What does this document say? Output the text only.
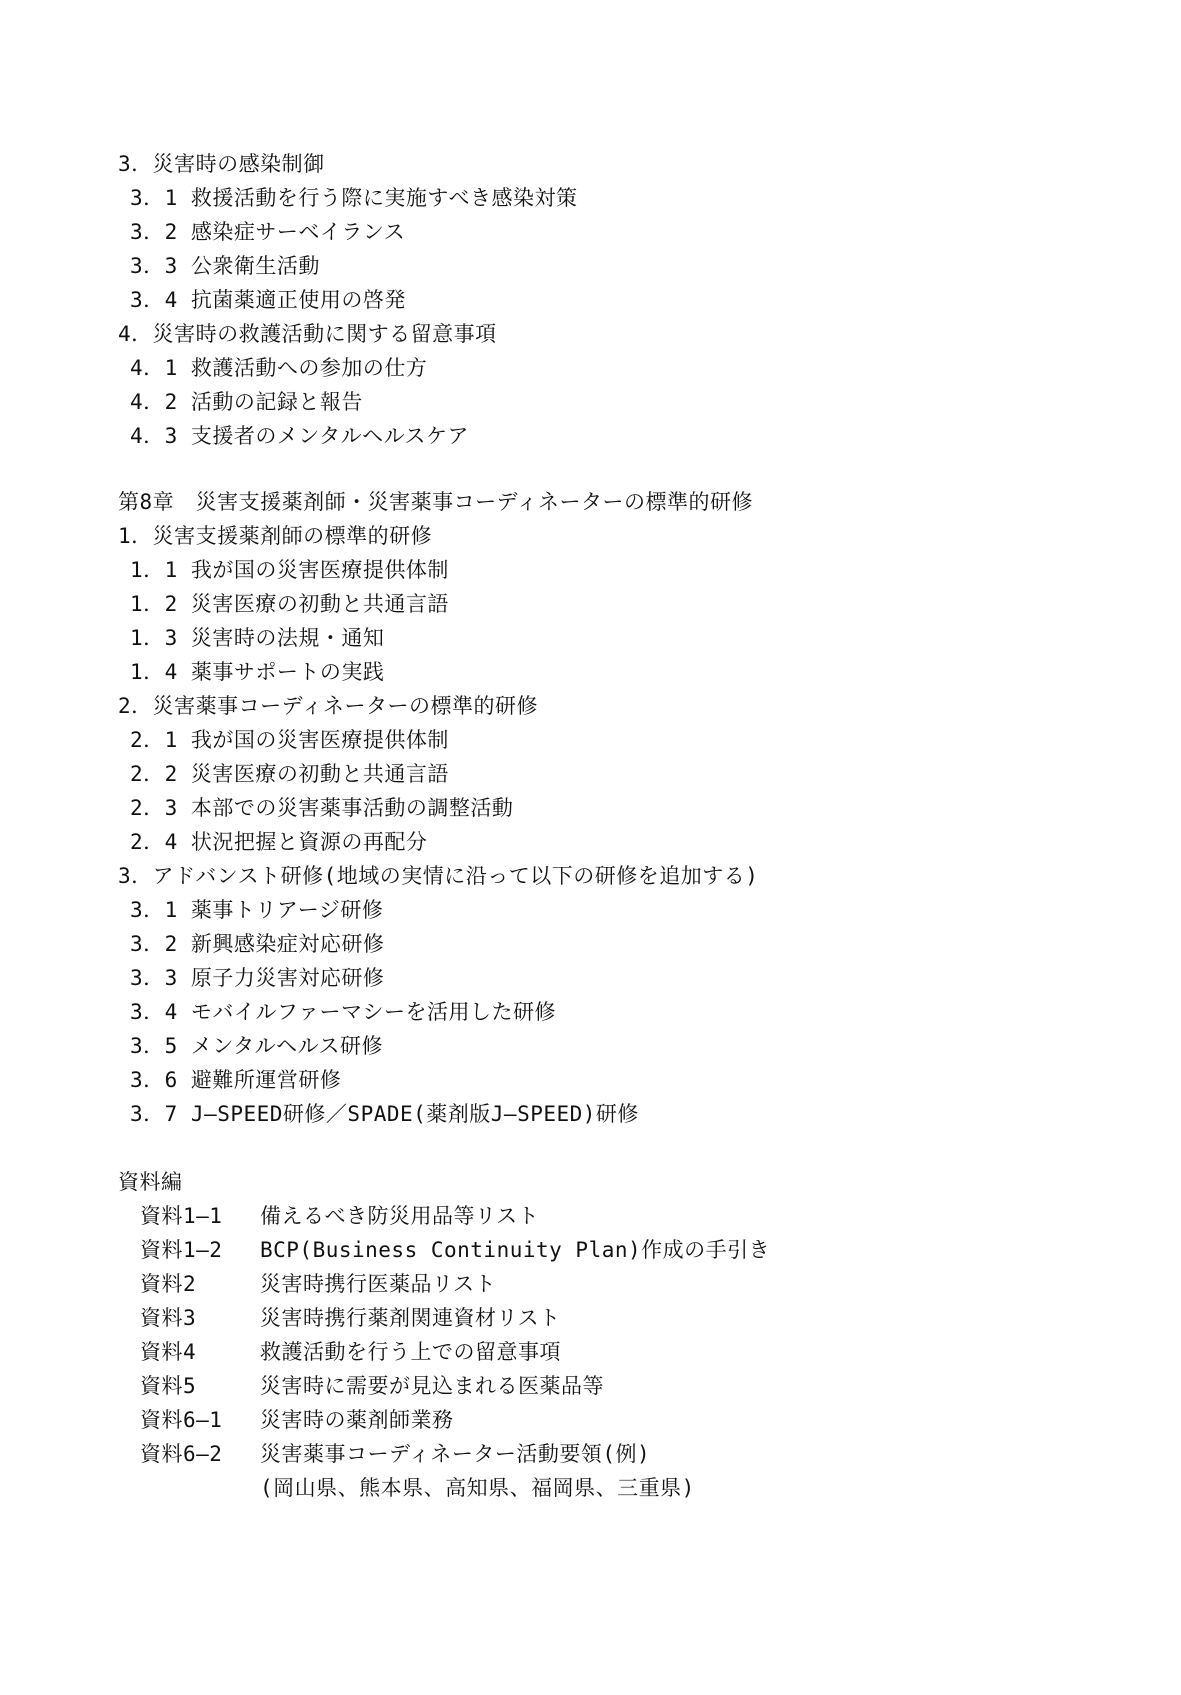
3．災害時の感染制御
3．1 救援活動を行う際に実施すべき感染対策
3．2 感染症サーベイランス
3．3 公衆衛生活動
3．4 抗菌薬適正使用の啓発
4．災害時の救護活動に関する留意事項
4．1 救護活動への参加の仕方
4．2 活動の記録と報告
4．3 支援者のメンタルヘルスケア
第8章　災害支援薬剤師・災害薬事コーディネーターの標準的研修
1．災害支援薬剤師の標準的研修
1．1 我が国の災害医療提供体制
1．2 災害医療の初動と共通言語
1．3 災害時の法規・通知
1．4 薬事サポートの実践
2．災害薬事コーディネーターの標準的研修
2．1 我が国の災害医療提供体制
2．2 災害医療の初動と共通言語
2．3 本部での災害薬事活動の調整活動
2．4 状況把握と資源の再配分
3．アドバンスト研修(地域の実情に沿って以下の研修を追加する)
3．1 薬事トリアージ研修
3．2 新興感染症対応研修
3．3 原子力災害対応研修
3．4 モバイルファーマシーを活用した研修
3．5 メンタルヘルス研修
3．6 避難所運営研修
3．7 J―SPEED研修／SPADE(薬剤版J―SPEED)研修
資料編
資料1―1 備えるべき防災用品等リスト
資料1―2 BCP(Business Continuity Plan)作成の手引き
資料2	災害時携行医薬品リスト
資料3	災害時携行薬剤関連資材リスト
資料4	救護活動を行う上での留意事項
資料5	災害時に需要が見込まれる医薬品等
資料6―1 災害時の薬剤師業務
資料6―2 災害薬事コーディネーター活動要領(例)
(岡山県、熊本県、高知県、福岡県、三重県)
